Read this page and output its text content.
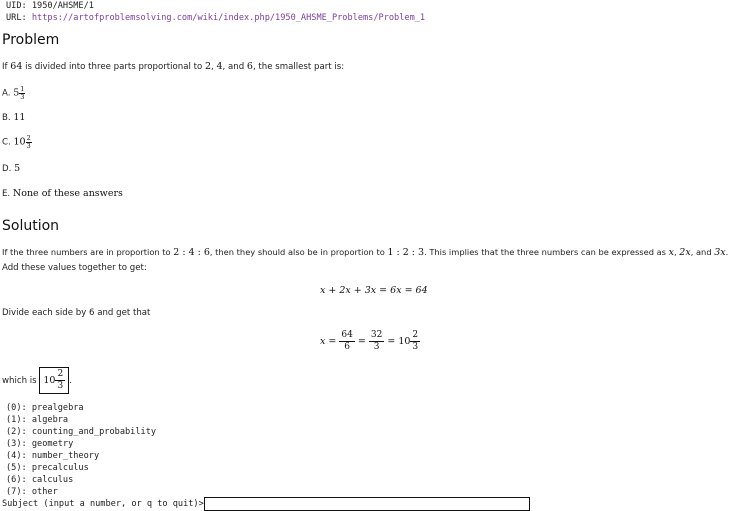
UID: 1950/AHSME/1
URL: https://artofproblemsolving.com/wiki/index.php/1950_AHSME_Problems/Problem_1
Problem
If 64 is divided into three parts proportional to 2, 4, and 6, the smallest part is:
A. $5 \frac{1}{3}$
B. 11
C. $10 \frac{2}{3}$
D. 5
E. None of these answers
Solution
If the three numbers are in proportion to 2 : 4 : 6, then they should also be in proportion to 1 : 2 : 3. This implies that the three numbers can be expressed as x, 2x, and 3x.
Add these values together to get:
x + 2x + 3x = 6x = 64
Divide each side by 6 and get that
$x = \frac{64}{6} = \frac{32}{3} = 10 \frac{2}{3}$
which is $10 \frac{2}{3}$ .
(0): prealgebra
(1): algebra
(2): counting_and_probability
(3): geometry
(4): number_theory
(5): precalculus
(6): calculus
(7): other
Subject (input a number, or q to quit)>
